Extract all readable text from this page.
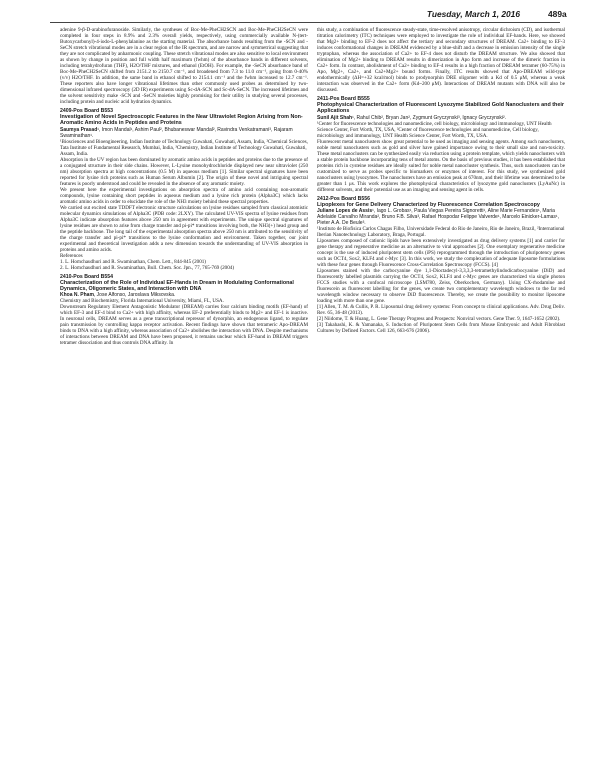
Tuesday, March 1, 2016	489a

adenine 9-β-D-arabinofuranoside. Similarly, the syntheses of Boc-Me-PheCH2SCN and Boc-Me-PheCH2SeCN were completed in four steps in 8.9% and 2.3% overall yields, respectively, using commercially available N-(tert-Butoxycarbonyl)-4-iodo-L-phenylalanine as the starting material. The absorbance bands resulting from the -SCN and -SeCN stretch vibrational modes are in a clear region of the IR spectrum, and are narrow and symmetrical suggesting that they are not complicated by anharmonic coupling. These stretch vibrational modes are also sensitive to local environment as shown by change in position and full width half maximum (fwhm) of the absorbance bands in different solvents, including tetrahydrofuran (THF), H2O/THF mixtures, and ethanol (EtOH). For example, the -SeCN absorbance band of Boc-Me-PheCH2SeCN shifted from 2151.2 to 2150.7 cm⁻¹, and broadened from 7.3 to 11.0 cm⁻¹, going from 0-40% (v/v) H2O/THF. In addition, the same band in ethanol shifted to 2154.1 cm⁻¹ and the fwhm increased to 12.7 cm⁻¹. These reporters also have longer vibrational lifetimes than other commonly used probes as determined by two-dimensional infrared spectroscopy (2D IR) experiments using Sc-dA-SCN and Sc-dA-SeCN. The increased lifetimes and the solvent sensitivity make -SCN and -SeCN moieties highly promising for their utility in studying several processes, including protein and nucleic acid hydration dynamics.

2409-Pos Board B553
Investigation of Novel Spectroscopic Features in the Near Ultraviolet Region Arising from Non-Aromatic Amino Acids in Peptides and Proteins
Saumya Prasad¹, Imon Mandal¹, Ashim Paul², Bhubaneswar Mandal², Ravindra Venkatramani³, Rajaram Swaminathan¹.

¹Biosciences and Bioengineering, Indian Institute of Technology Guwahati, Guwahati, Assam, India, ²Chemical Sciences, Tata Institute of Fundamental Research, Mumbai, India, ³Chemistry, Indian Institute of Technology Guwahati, Guwahati, Assam, India.

Absorption in the UV region has been dominated by aromatic amino acids in peptides and proteins due to the presence of a conjugated structure in their side chains. However, L-Lysine monohydrochloride displayed new near ultraviolet (250 nm) absorption spectra at high concentrations (0.5 M) in aqueous medium [1]. Similar spectral signatures have been reported for lysine rich proteins such as Human Serum Albumin [2]. The origin of these novel and intriguing spectral features is poorly understood and could be revealed in the absence of any aromatic moiety.

We present here the experimental investigations on absorption spectra of amino acid containing non-aromatic compounds, lysine containing short peptides in aqueous medium and a lysine rich protein (Alpha3C) which lacks aromatic amino acids in order to elucidate the role of the NH3 moiety behind these spectral properties.

We carried out excited state TDDFT electronic structure calculations on lysine residues sampled from classical atomistic molecular dynamics simulations of Alpha3C (PDB code: 2LXY). The calculated UV-VIS spectra of lysine residues from Alpha3C indicate absorption features above 250 nm in agreement with experiments. The unique spectral signatures of lysine residues are shown to arise from charge transfer and pi-pi* transitions involving both, the NH3(+) head group and the peptide backbone. The long tail of the experimental absorption spectra above 250 nm is attributed to the sensitivity of the charge transfer and pi-pi* transitions to the lysine conformation and environment. Taken together, our joint experimental and theoretical investigation adds a new dimension towards the understanding of UV-VIS absorption in proteins and amino acids.

References

1. L. Homchaudhuri and R. Swaminathan, Chem. Lett., 844-845 (2001)

2. L. Homchaudhuri and R. Swaminathan, Bull. Chem. Soc. Jpn., 77, 765-769 (2004)

2410-Pos Board B554
Characterization of the Role of Individual EF-Hands in Dream in Modulating Conformational Dynamics, Oligomeric States, and Interaction with DNA
Khoa N. Pham, Jose Alfonso, Jaroslava Miksovska.

Chemistry and Biochemistry, Florida International University, Miami, FL, USA.

Downstream Regulatory Element Antagonistic Modulator (DREAM) carries four calcium binding motifs (EF-hand) of which EF-3 and EF-4 bind to Ca2+ with high affinity, whereas EF-2 preferentially binds to Mg2+ and EF-1 is inactive. In neuronal cells, DREAM serves as a gene transcriptional repressor of dynorphin, an endogenous ligand, to regulate pain transmission by controlling kappa receptor activation. Recent findings have shown that tetrameric Apo-DREAM binds to DNA with a high affinity, whereas association of Ca2+ abolishes the interaction with DNA. Despite mechanisms of interactions between DREAM and DNA have been proposed, it remains unclear which EF-hand in DREAM triggers tetramer dissociation and thus controls DNA affinity. In

this study, a combination of fluorescence steady-state, time-resolved anisotropy, circular dichroism (CD), and isothermal titration calorimetry (ITC) techniques were employed to investigate the role of individual EF-hands. Here, we showed that Mg2+ binding to EF-2 does not affect the tertiary and secondary structures of DREAM. Ca2+ binding to EF-3 induces conformational changes in DREAM evidenced by a blue-shift and a decrease in emission intensity of the single tryptophan, whereas the association of Ca2+ to EF-4 does not disturb the DREAM structure. We also showed that elimination of Mg2+ binding to DREAM results in dimerization in Apo form and increase of the dimeric fraction in Ca2+ form. In contrast, abolishment of Ca2+ binding to EF-4 results in a high fraction of DREAM tetramer (60-75%) in Apo, Mg2+, Ca2+, and Ca2+Mg2+ bound forms. Finally, ITC results showed that Apo-DREAM wild-type endothermically (ΔH=+32 kcal/mol) binds to prodynorphin DRE oligomer with a Kd of 0.5 μM, whereas a weak interaction was observed in the Ca2+ form (Kd~200 μM). Interactions of DREAM mutants with DNA will also be discussed.

2411-Pos Board B555
Photophysical Characterization of Fluorescent Lysozyme Stabilized Gold Nanoclusters and their Applications
Sunil Ajit Shah¹, Rahul Chib², Bryan Jan², Zygmunt Gryczynski³, Ignacy Gryczynski².

¹Center for fluorescence technologies and nanomedicine, cell biology, microbiology and immunology, UNT Health Science Center, Fort Worth, TX, USA, ²Center of fluorescence technologies and nanomedicine, Cell biology, microbiology and immunology, UNT Health Science Center, Fort Worth, TX, USA.

Fluorescent metal nanoclusters show great potential to be used as imaging and sensing agents. Among such nanoclusters, noble metal nanoclusters such as gold and silver have gained importance owing to their small size and non-toxicity. These metal nanoclusters can be synthesized easily via reduction using a protein template, which yields nanoclusters with a stable protein backbone incorporating tens of metal atoms. On the basis of previous studies, it has been established that proteins rich in cysteine residues are ideally suited for noble metal nanocluster synthesis. Thus, such nanoclusters can be customized to serve as probes specific to biomarkers or enzymes of interest. For this study, we synthesized gold nanoclusters using lysozymes. The nanoclusters have an emission peak at 670nm, and their lifetime was determined to be greater than 1 μs. This work explores the photophysical characteristics of lysozyme gold nanoclusters (LyAuNc) in different solvents, and their potential use as an imaging and sensing agent in cells.

2412-Pos Board B556
Lipoplexes for Gene Delivery Characterized by Fluorescence Correlation Spectroscopy
Juliane Lopes de Assis¹, Iago L. Grobas¹, Paula Viegas Pereira Signoretti¹, Aline Marie Fernandes¹, Maria Adelaide Carvalho Miranda², Bruno F.B. Silva³, Rafael Hospodar Felippe Valverde¹, Marcelo Einicker-Lamas¹, Pieter A.A. De Beule³.

¹Instituto de Biofisica Carlos Chagas Filho, Universidade Federal do Rio de Janeiro, Rio de Janeiro, Brazil, ²International Iberian Nanotechnology Laboratory, Braga, Portugal.

Liposomes composed of cationic lipids have been extensively investigated as drug delivery systems [1] and carrier for gene therapy and regenerative medicine as an alternative to viral approaches [2]. One exemplary regenerative medicine concept is the use of induced pluripotent stem cells (iPS) reprogrammed through the introduction of pluripotency genes such as OCT4, Sox2, KLF4 and c-Myc [3]. In this work, we study the complexation of adequate liposome formulations with these four genes through Fluorescence Cross-Correlation Spectroscopy (FCCS). [4]

Liposomes stained with the carbocyanine dye 1,1-Dioctadecyl-3,3,3,3-tetramethylindodicarbocyanine (DiD) and fluorescently labelled plasmids carrying the OCT4, Sox2, KLF4 and c-Myc genes are characterized via single photon FCCS studies with a confocal microscope (LSM780, Zeiss, Oberkochen, Germany). Using CX-rhodamine and fluorescein as fluorescent labelling for the genes, we create two complementary wavelength windows to the far red wavelength window necessary to observe DiD fluorescence. Thereby, we create the possibility to monitor liposome loading with more than one gene.

[1] Allen, T. M. & Cullis, P. R. Liposomal drug delivery systems: From concept to clinical applications. Adv. Drug Deliv. Rev. 65, 36-48 (2013).

[2] Niidome, T. & Huang, L. Gene Therapy Progress and Prospects: Nonviral vectors. Gene Ther. 9, 1647-1652 (2002).

[3] Takahashi, K. & Yamanaka, S. Induction of Pluripotent Stem Cells from Mouse Embryonic and Adult Fibroblast Cultures by Defined Factors. Cell 126, 663-676 (2006).
